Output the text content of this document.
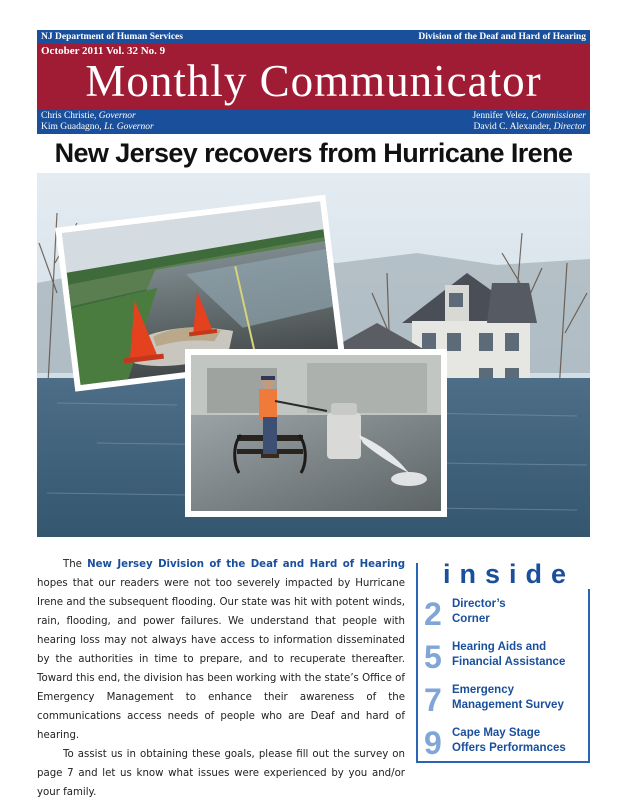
NJ Department of Human Services	Division of the Deaf and Hard of Hearing
October 2011 Vol. 32 No. 9
Monthly Communicator
Chris Christie, Governor
Kim Guadagno, Lt. Governor
Jennifer Velez, Commissioner
David C. Alexander, Director
New Jersey recovers from Hurricane Irene

The New Jersey Division of the Deaf and Hard of Hearing hopes that our readers were not too severely impacted by Hurricane Irene and the subsequent flooding. Our state was hit with potent winds, rain, flooding, and power failures. We understand that people with hearing loss may not always have access to information disseminated by the authorities in time to prepare, and to recuperate thereafter. Toward this end, the division has been working with the state’s Office of Emergency Management to enhance their awareness of the communications access needs of people who are Deaf and hard of hearing.

To assist us in obtaining these goals, please fill out the survey on page 7 and let us know what issues were experienced by you and/or your family.

inside
2 Director’s
Corner
5 Hearing Aids and
Financial Assistance
7 Emergency
Management Survey
9 Cape May Stage
Offers Performances
